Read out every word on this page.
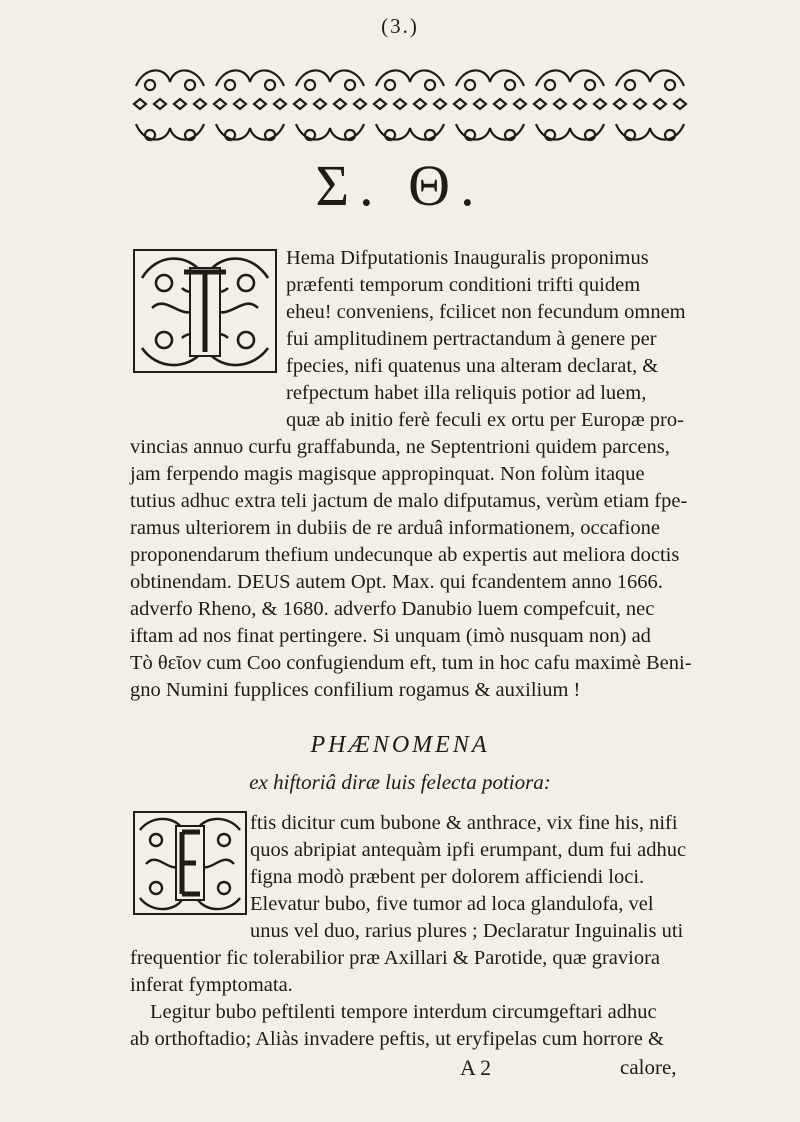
(3.)
Σ. Θ.
Hema Difputationis Inauguralis proponimus
præfenti temporum conditioni trifti quidem
eheu! conveniens, fcilicet non fecundum omnem
fui amplitudinem pertractandum à genere per
fpecies, nifi quatenus una alteram declarat, &
refpectum habet illa reliquis potior ad luem,
quæ ab initio ferè feculi ex ortu per Europæ pro-
vincias annuo curfu graffabunda, ne Septentrioni quidem parcens,
jam ferpendo magis magisque appropinquat. Non folùm itaque
tutius adhuc extra teli jactum de malo difputamus, verùm etiam fpe-
ramus ulteriorem in dubiis de re arduâ informationem, occafione
proponendarum thefium undecunque ab expertis aut meliora doctis
obtinendam. DEUS autem Opt. Max. qui fcandentem anno 1666.
adverfo Rheno, & 1680. adverfo Danubio luem compefcuit, nec
iftam ad nos finat pertingere. Si unquam (imò nusquam non) ad
Tò θεῖον cum Coo confugiendum eft, tum in hoc cafu maximè Beni-
gno Numini fupplices confilium rogamus & auxilium !
PHÆNOMENA
ex hiftoriâ diræ luis felecta potiora:
ftis dicitur cum bubone & anthrace, vix fine his, nifi
quos abripiat antequàm ipfi erumpant, dum fui adhuc
figna modò præbent per dolorem afficiendi loci.
Elevatur bubo, five tumor ad loca glandulofa, vel
unus vel duo, rarius plures ; Declaratur Inguinalis uti
frequentior fic tolerabilior præ Axillari & Parotide, quæ graviora
inferat fymptomata.
Legitur bubo peftilenti tempore interdum circumgeftari adhuc
ab orthoftadio; Aliàs invadere peftis, ut eryfipelas cum horrore &
A 2	calore,
